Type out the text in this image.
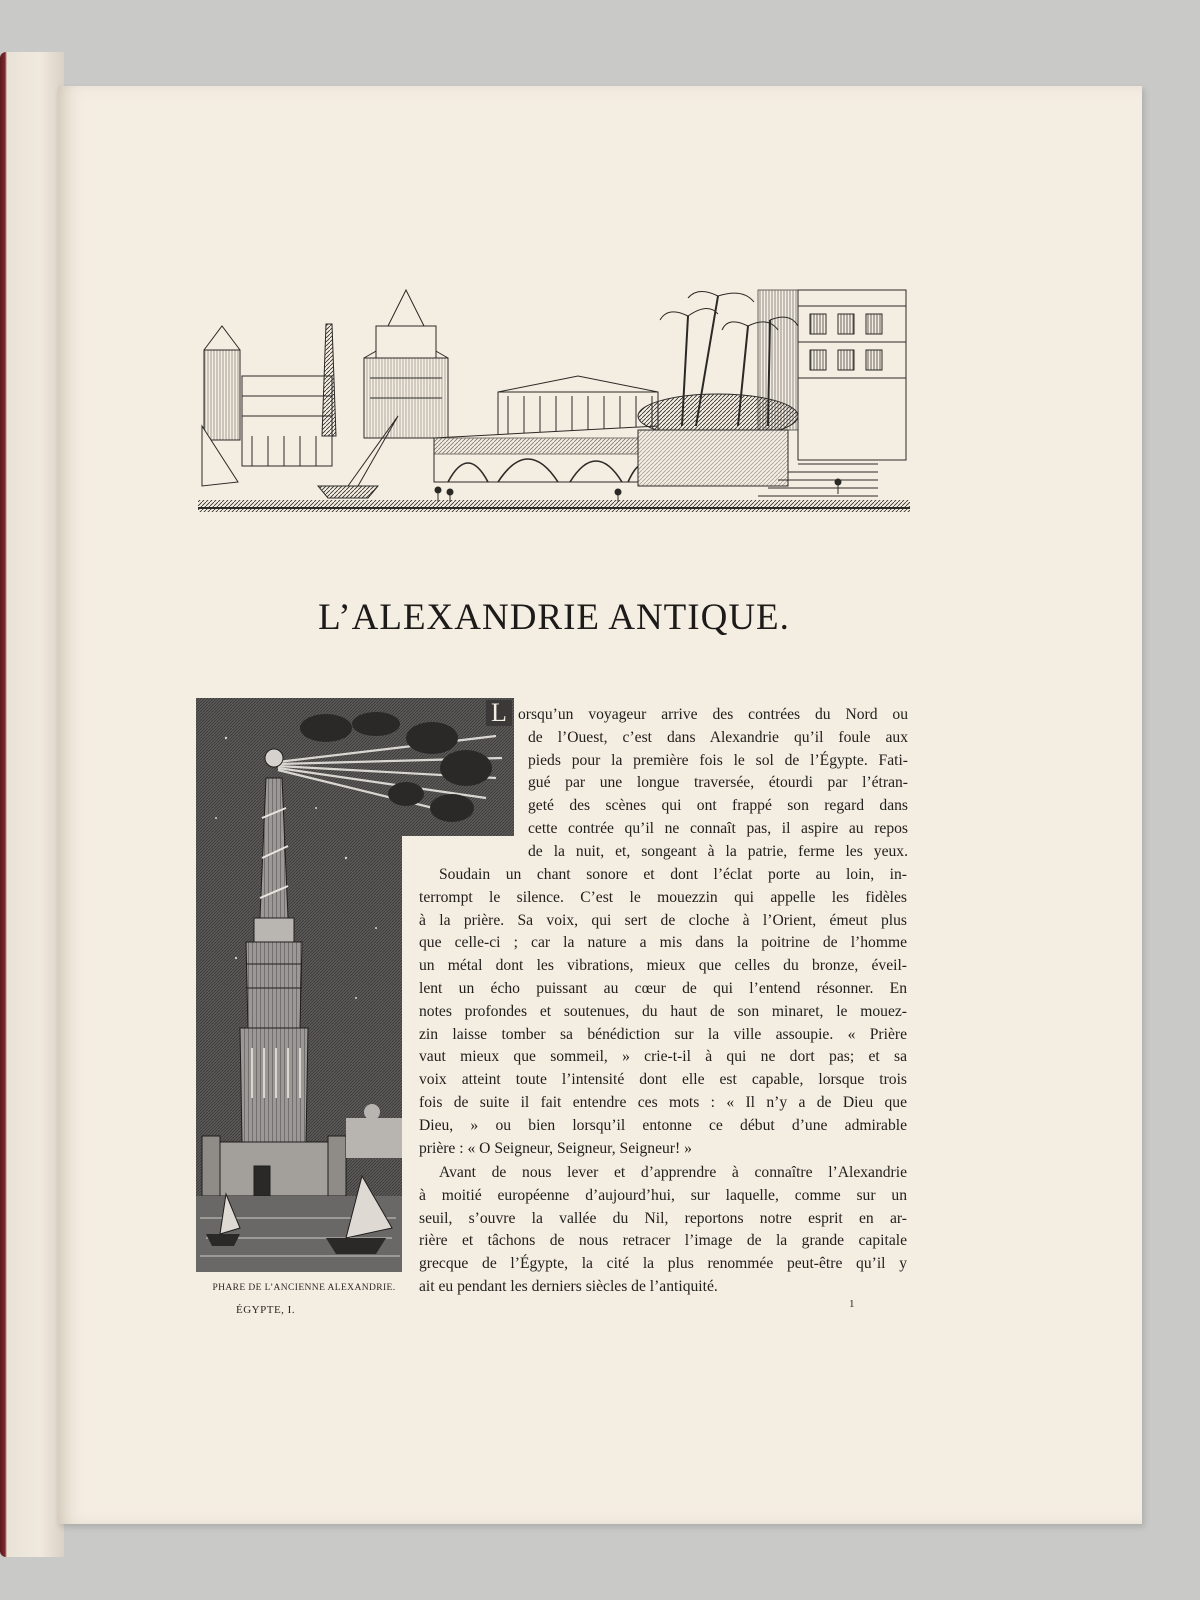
L’ALEXANDRIE ANTIQUE.
L orsqu’un voyageur arrive des contrées du Nord ou
de l’Ouest, c’est dans Alexandrie qu’il foule aux
pieds pour la première fois le sol de l’Égypte. Fati-
gué par une longue traversée, étourdi par l’étran-
geté des scènes qui ont frappé son regard dans
cette contrée qu’il ne connaît pas, il aspire au repos
de la nuit, et, songeant à la patrie, ferme les yeux.

Soudain un chant sonore et dont l’éclat porte au loin, in-
terrompt le silence. C’est le mouezzin qui appelle les fidèles
à la prière. Sa voix, qui sert de cloche à l’Orient, émeut plus
que celle-ci ; car la nature a mis dans la poitrine de l’homme
un métal dont les vibrations, mieux que celles du bronze, éveil-
lent un écho puissant au cœur de qui l’entend résonner. En
notes profondes et soutenues, du haut de son minaret, le mouez-
zin laisse tomber sa bénédiction sur la ville assoupie. « Prière
vaut mieux que sommeil, » crie-t-il à qui ne dort pas; et sa
voix atteint toute l’intensité dont elle est capable, lorsque trois
fois de suite il fait entendre ces mots : « Il n’y a de Dieu que
Dieu, » ou bien lorsqu’il entonne ce début d’une admirable
prière : « O Seigneur, Seigneur, Seigneur! »

Avant de nous lever et d’apprendre à connaître l’Alexandrie
à moitié européenne d’aujourd’hui, sur laquelle, comme sur un
seuil, s’ouvre la vallée du Nil, reportons notre esprit en ar-
rière et tâchons de nous retracer l’image de la grande capitale
grecque de l’Égypte, la cité la plus renommée peut-être qu’il y
ait eu pendant les derniers siècles de l’antiquité.

PHARE DE L’ANCIENNE ALEXANDRIE.
ÉGYPTE, I.	1
